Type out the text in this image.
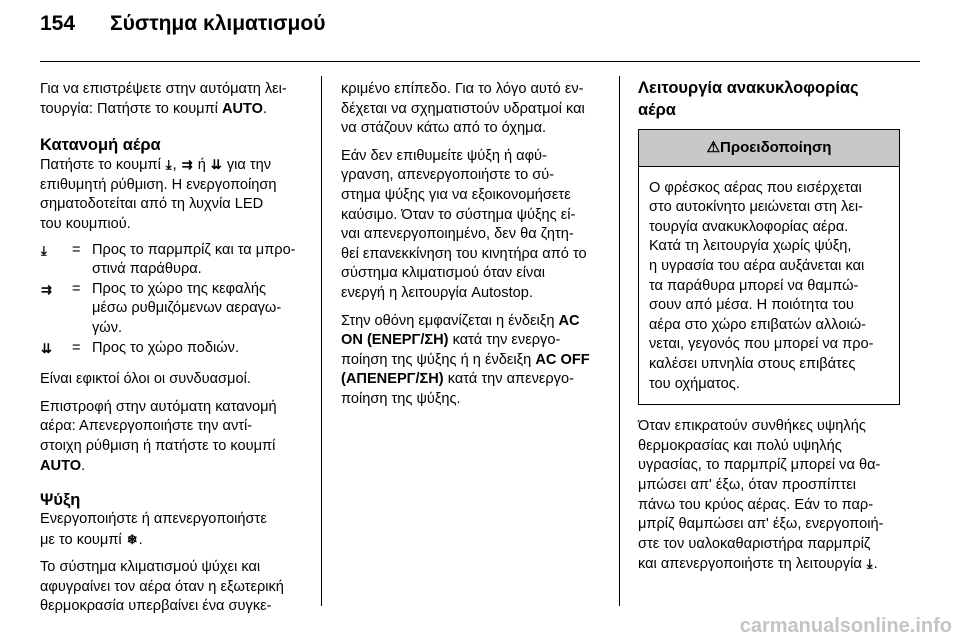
154 Σύστημα κλιματισμού

Για να επιστρέψετε στην αυτόματη λει-
τουργία: Πατήστε το κουμπί AUTO.

Κατανομή αέρα
Πατήστε το κουμπί ⤓, ⇉ ή ⇊ για την
επιθυμητή ρύθμιση. Η ενεργοποίηση
σηματοδοτείται από τη λυχνία LED
του κουμπιού.
⤓	= Προς το παρμπρίζ και τα μπρο-
στινά παράθυρα.
⇉	= Προς το χώρο της κεφαλής
μέσω ρυθμιζόμενων αεραγω-
γών.
⇊	= Προς το χώρο ποδιών.

Είναι εφικτοί όλοι οι συνδυασμοί.

Επιστροφή στην αυτόματη κατανομή
αέρα: Απενεργοποιήστε την αντί-
στοιχη ρύθμιση ή πατήστε το κουμπί
AUTO.

Ψύξη

Ενεργοποιήστε ή απενεργοποιήστε
με το κουμπί ❄.

Το σύστημα κλιματισμού ψύχει και
αφυγραίνει τον αέρα όταν η εξωτερική
θερμοκρασία υπερβαίνει ένα συγκε-

κριμένο επίπεδο. Για το λόγο αυτό εν-
δέχεται να σχηματιστούν υδρατμοί και
να στάζουν κάτω από το όχημα.

Εάν δεν επιθυμείτε ψύξη ή αφύ-
γρανση, απενεργοποιήστε το σύ-
στημα ψύξης για να εξοικονομήσετε
καύσιμο. Όταν το σύστημα ψύξης εί-
ναι απενεργοποιημένο, δεν θα ζητη-
θεί επανεκκίνηση του κινητήρα από το
σύστημα κλιματισμού όταν είναι
ενεργή η λειτουργία Autostop.

Στην οθόνη εμφανίζεται η ένδειξη AC
ON (ΕΝΕΡΓ/ΣΗ) κατά την ενεργο-
ποίηση της ψύξης ή η ένδειξη AC OFF
(ΑΠΕΝΕΡΓ/ΣΗ) κατά την απενεργο-
ποίηση της ψύξης.

Λειτουργία ανακυκλοφορίας
αέρα
⚠Προειδοποίηση
Ο φρέσκος αέρας που εισέρχεται
στο αυτοκίνητο μειώνεται στη λει-
τουργία ανακυκλοφορίας αέρα.
Κατά τη λειτουργία χωρίς ψύξη,
η υγρασία του αέρα αυξάνεται και
τα παράθυρα μπορεί να θαμπώ-
σουν από μέσα. Η ποιότητα του
αέρα στο χώρο επιβατών αλλοιώ-
νεται, γεγονός που μπορεί να προ-
καλέσει υπνηλία στους επιβάτες
του οχήματος.

Όταν επικρατούν συνθήκες υψηλής
θερμοκρασίας και πολύ υψηλής
υγρασίας, το παρμπρίζ μπορεί να θα-
μπώσει απ' έξω, όταν προσπίπτει
πάνω του κρύος αέρας. Εάν το παρ-
μπρίζ θαμπώσει απ' έξω, ενεργοποιή-
στε τον υαλοκαθαριστήρα παρμπρίζ
και απενεργοποιήστε τη λειτουργία ⤓.

carmanualsonline.info
